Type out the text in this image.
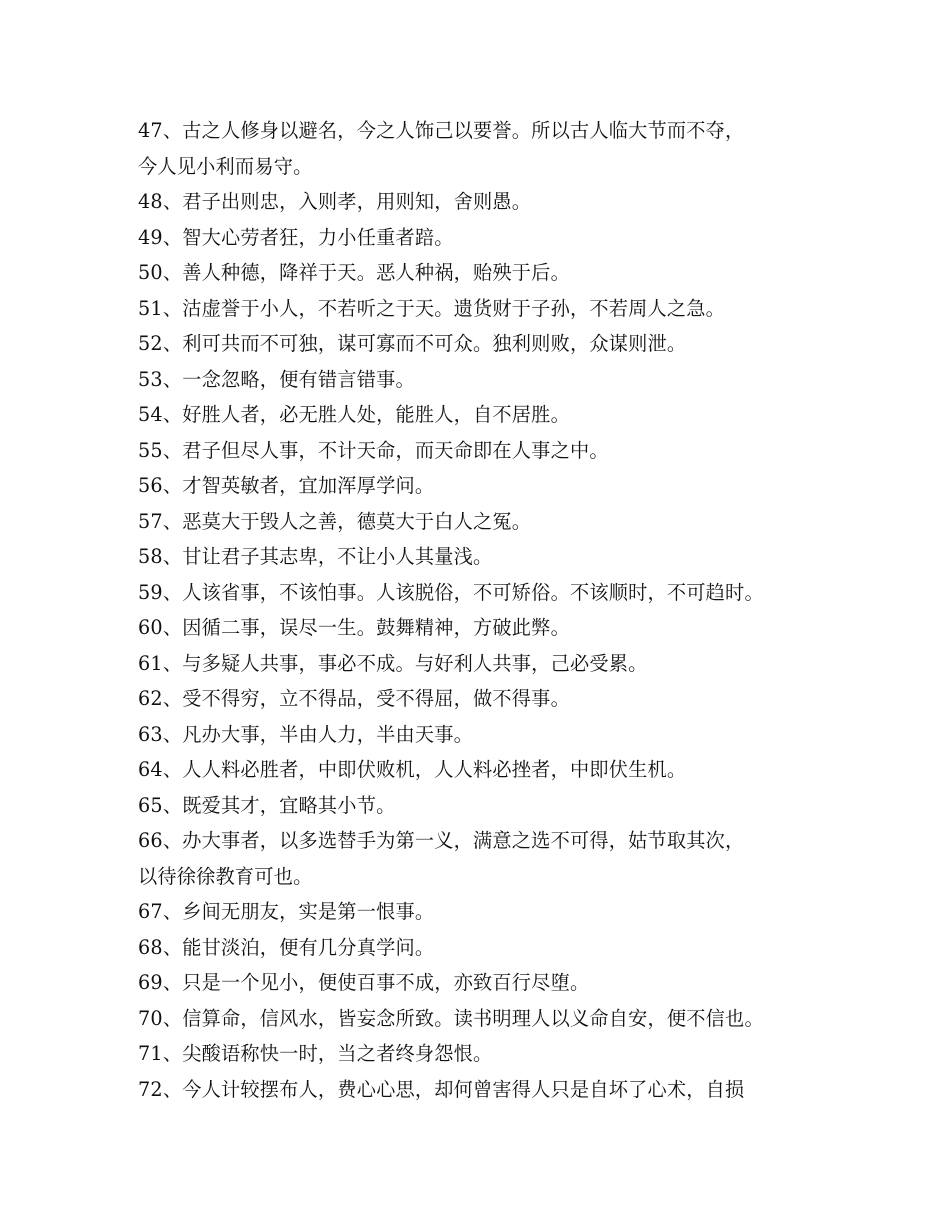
47、古之人修身以避名，今之人饰己以要誉。所以古人临大节而不夺，
今人见小利而易守。
48、君子出则忠，入则孝，用则知，舍则愚。
49、智大心劳者狂，力小任重者踣。
50、善人种德，降祥于天。恶人种祸，贻殃于后。
51、沽虚誉于小人，不若听之于天。遗货财于子孙，不若周人之急。
52、利可共而不可独，谋可寡而不可众。独利则败，众谋则泄。
53、一念忽略，便有错言错事。
54、好胜人者，必无胜人处，能胜人，自不居胜。
55、君子但尽人事，不计天命，而天命即在人事之中。
56、才智英敏者，宜加浑厚学问。
57、恶莫大于毁人之善，德莫大于白人之冤。
58、甘让君子其志卑，不让小人其量浅。
59、人该省事，不该怕事。人该脱俗，不可矫俗。不该顺时，不可趋时。
60、因循二事，误尽一生。鼓舞精神，方破此弊。
61、与多疑人共事，事必不成。与好利人共事，己必受累。
62、受不得穷，立不得品，受不得屈，做不得事。
63、凡办大事，半由人力，半由天事。
64、人人料必胜者，中即伏败机，人人料必挫者，中即伏生机。
65、既爱其才，宜略其小节。
66、办大事者，以多选替手为第一义，满意之选不可得，姑节取其次，
以待徐徐教育可也。
67、乡间无朋友，实是第一恨事。
68、能甘淡泊，便有几分真学问。
69、只是一个见小，便使百事不成，亦致百行尽堕。
70、信算命，信风水，皆妄念所致。读书明理人以义命自安，便不信也。
71、尖酸语称快一时，当之者终身怨恨。
72、今人计较摆布人，费心心思，却何曾害得人只是自坏了心术，自损
